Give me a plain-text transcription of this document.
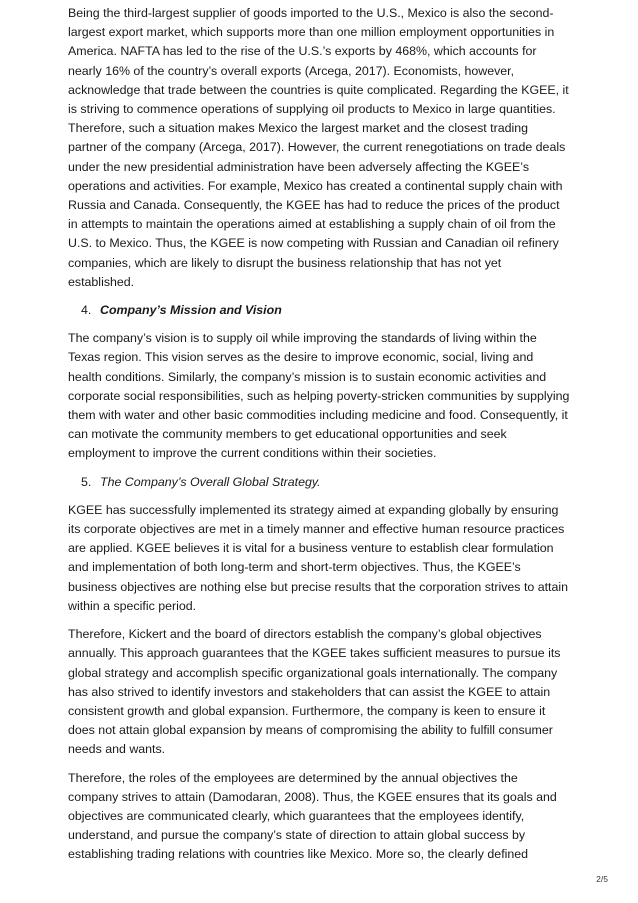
Being the third-largest supplier of goods imported to the U.S., Mexico is also the second-largest export market, which supports more than one million employment opportunities in America. NAFTA has led to the rise of the U.S.’s exports by 468%, which accounts for nearly 16% of the country’s overall exports (Arcega, 2017). Economists, however, acknowledge that trade between the countries is quite complicated. Regarding the KGEE, it is striving to commence operations of supplying oil products to Mexico in large quantities. Therefore, such a situation makes Mexico the largest market and the closest trading partner of the company (Arcega, 2017). However, the current renegotiations on trade deals under the new presidential administration have been adversely affecting the KGEE’s operations and activities. For example, Mexico has created a continental supply chain with Russia and Canada. Consequently, the KGEE has had to reduce the prices of the product in attempts to maintain the operations aimed at establishing a supply chain of oil from the U.S. to Mexico. Thus, the KGEE is now competing with Russian and Canadian oil refinery companies, which are likely to disrupt the business relationship that has not yet established.

4. Company’s Mission and Vision

The company’s vision is to supply oil while improving the standards of living within the Texas region. This vision serves as the desire to improve economic, social, living and health conditions. Similarly, the company’s mission is to sustain economic activities and corporate social responsibilities, such as helping poverty-stricken communities by supplying them with water and other basic commodities including medicine and food. Consequently, it can motivate the community members to get educational opportunities and seek employment to improve the current conditions within their societies.

5. The Company’s Overall Global Strategy.

KGEE has successfully implemented its strategy aimed at expanding globally by ensuring its corporate objectives are met in a timely manner and effective human resource practices are applied. KGEE believes it is vital for a business venture to establish clear formulation and implementation of both long-term and short-term objectives. Thus, the KGEE’s business objectives are nothing else but precise results that the corporation strives to attain within a specific period.

Therefore, Kickert and the board of directors establish the company’s global objectives annually. This approach guarantees that the KGEE takes sufficient measures to pursue its global strategy and accomplish specific organizational goals internationally. The company has also strived to identify investors and stakeholders that can assist the KGEE to attain consistent growth and global expansion. Furthermore, the company is keen to ensure it does not attain global expansion by means of compromising the ability to fulfill consumer needs and wants.

Therefore, the roles of the employees are determined by the annual objectives the company strives to attain (Damodaran, 2008). Thus, the KGEE ensures that its goals and objectives are communicated clearly, which guarantees that the employees identify, understand, and pursue the company’s state of direction to attain global success by establishing trading relations with countries like Mexico. More so, the clearly defined

2/5
